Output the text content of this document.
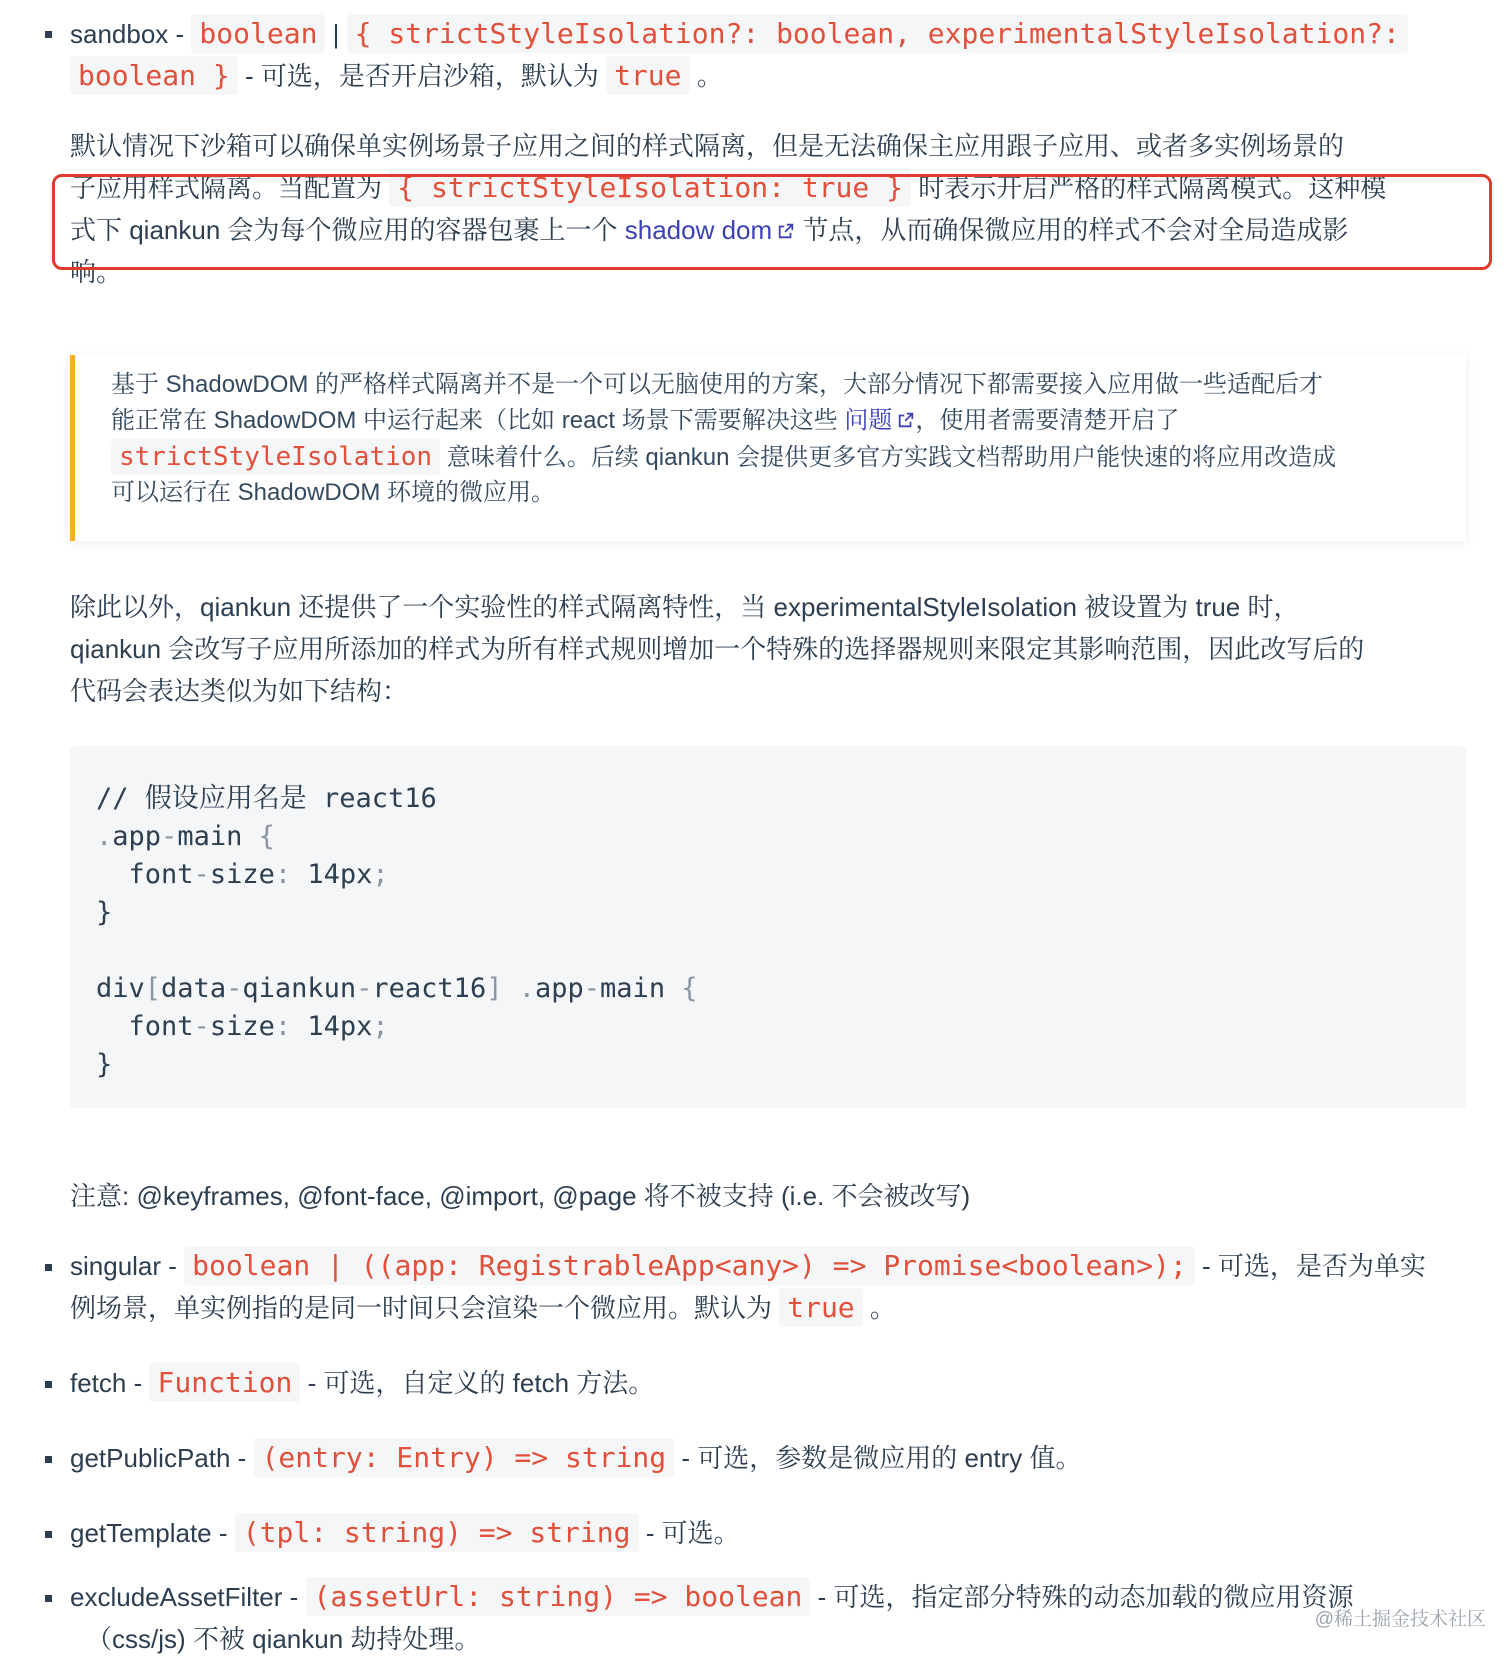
sandbox - boolean | { strictStyleIsolation?: boolean, experimentalStyleIsolation?:
boolean } - 可选，是否开启沙箱，默认为 true 。
默认情况下沙箱可以确保单实例场景子应用之间的样式隔离，但是无法确保主应用跟子应用、或者多实例场景的
子应用样式隔离。当配置为 { strictStyleIsolation: true } 时表示开启严格的样式隔离模式。这种模
式下 qiankun 会为每个微应用的容器包裹上一个 shadow dom 节点，从而确保微应用的样式不会对全局造成影
响。
基于 ShadowDOM 的严格样式隔离并不是一个可以无脑使用的方案，大部分情况下都需要接入应用做一些适配后才
能正常在 ShadowDOM 中运行起来（比如 react 场景下需要解决这些 问题 ，使用者需要清楚开启了
strictStyleIsolation 意味着什么。后续 qiankun 会提供更多官方实践文档帮助用户能快速的将应用改造成
可以运行在 ShadowDOM 环境的微应用。
除此以外，qiankun 还提供了一个实验性的样式隔离特性，当 experimentalStyleIsolation 被设置为 true 时，
qiankun 会改写子应用所添加的样式为所有样式规则增加一个特殊的选择器规则来限定其影响范围，因此改写后的
代码会表达类似为如下结构：
// 假设应用名是 react16
.app-main {
font-size: 14px;
}
div[data-qiankun-react16] .app-main {
font-size: 14px;
}
注意: @keyframes, @font-face, @import, @page 将不被支持 (i.e. 不会被改写)
singular - boolean | ((app: RegistrableApp<any>) => Promise<boolean>); - 可选，是否为单实
例场景，单实例指的是同一时间只会渲染一个微应用。默认为 true 。
fetch - Function - 可选，自定义的 fetch 方法。
getPublicPath - (entry: Entry) => string - 可选，参数是微应用的 entry 值。
getTemplate - (tpl: string) => string - 可选。
excludeAssetFilter - (assetUrl: string) => boolean - 可选，指定部分特殊的动态加载的微应用资源
（css/js) 不被 qiankun 劫持处理。
@稀土掘金技术社区
